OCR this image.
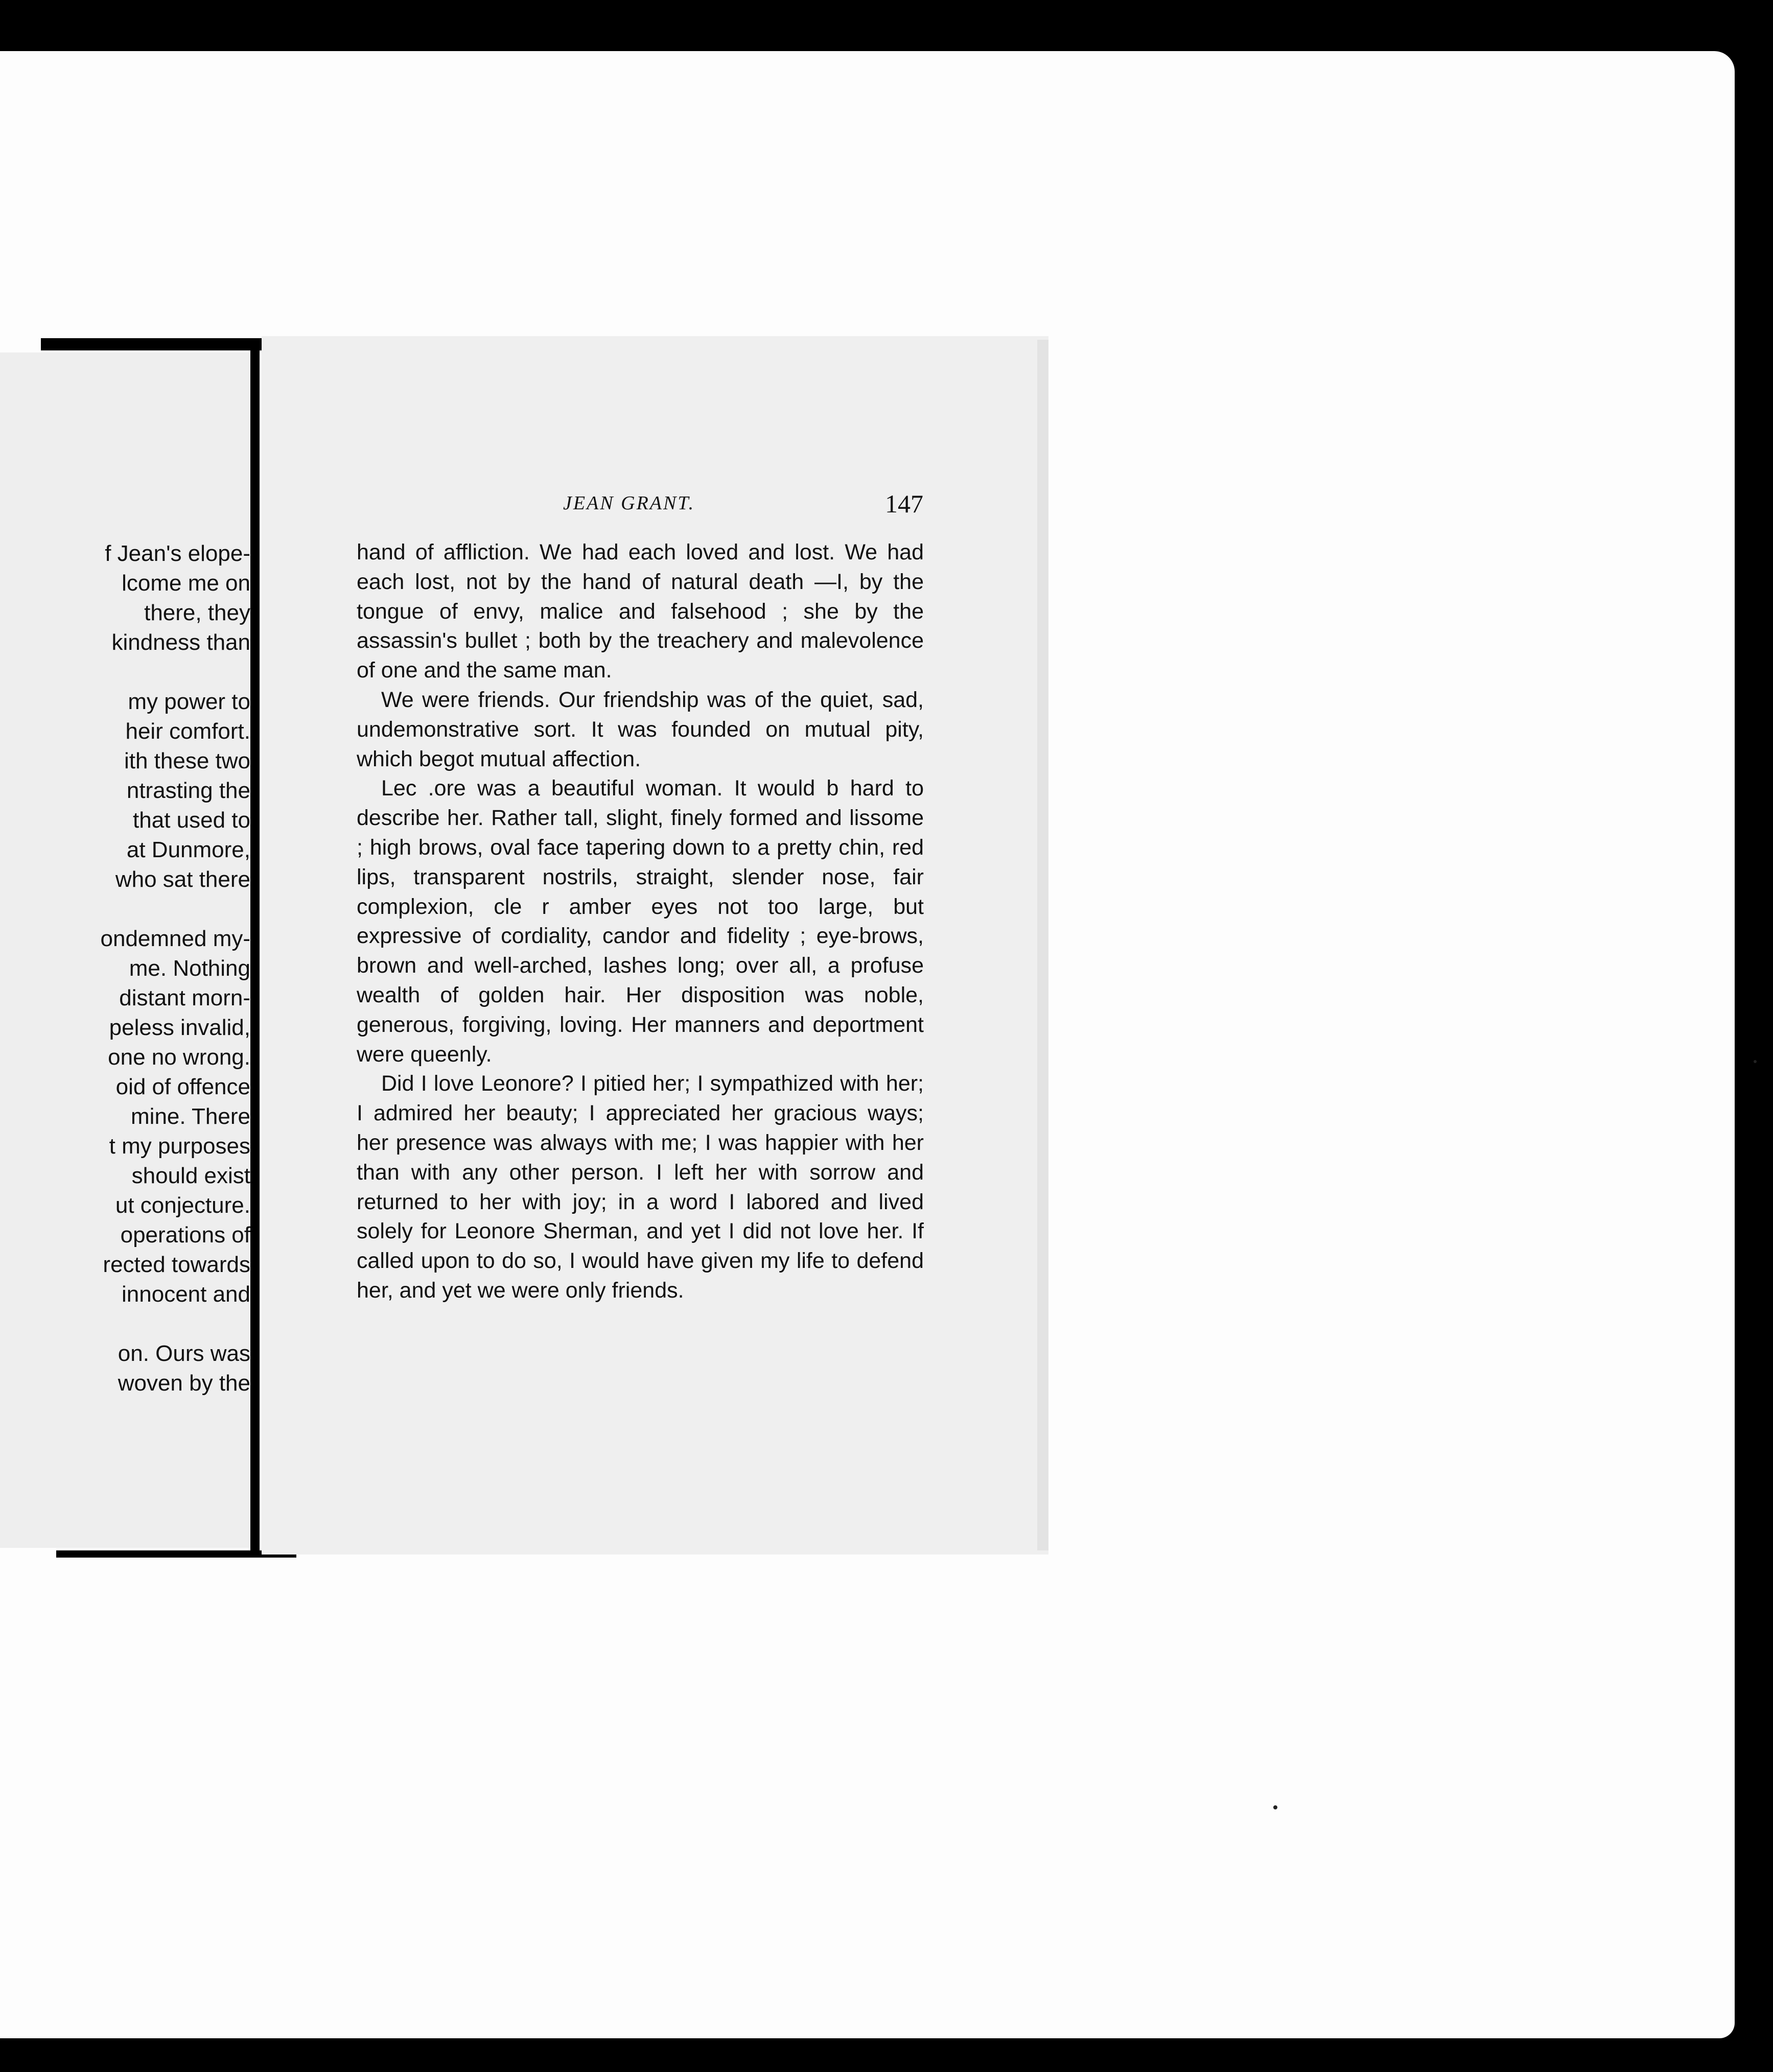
f Jean's elope-
lcome me on
there, they
kindness than
my power to
heir comfort.
ith these two
ntrasting the
that used to
at Dunmore,
who sat there
ondemned my-
me. Nothing
distant morn-
peless invalid,
one no wrong.
oid of offence
mine. There
t my purposes
should exist
ut conjecture.
operations of
rected towards
innocent and
on. Ours was
woven by the
JEAN GRANT.	147

hand of affliction. We had each loved and lost. We had each lost, not by the hand of natural death —I, by the tongue of envy, malice and falsehood ; she by the assassin's bullet ; both by the treachery and malevolence of one and the same man.

We were friends. Our friendship was of the quiet, sad, undemonstrative sort. It was founded on mutual pity, which begot mutual affection.

Lec .ore was a beautiful woman. It would b hard to describe her. Rather tall, slight, finely formed and lissome ; high brows, oval face tapering down to a pretty chin, red lips, transparent nostrils, straight, slender nose, fair complexion, cle r amber eyes not too large, but expressive of cordiality, candor and fidelity ; eye-brows, brown and well-arched, lashes long; over all, a profuse wealth of golden hair. Her disposition was noble, generous, forgiving, loving. Her manners and deportment were queenly.

Did I love Leonore? I pitied her; I sympathized with her; I admired her beauty; I appreciated her gracious ways; her presence was always with me; I was happier with her than with any other person. I left her with sorrow and returned to her with joy; in a word I labored and lived solely for Leonore Sherman, and yet I did not love her. If called upon to do so, I would have given my life to defend her, and yet we were only friends.
